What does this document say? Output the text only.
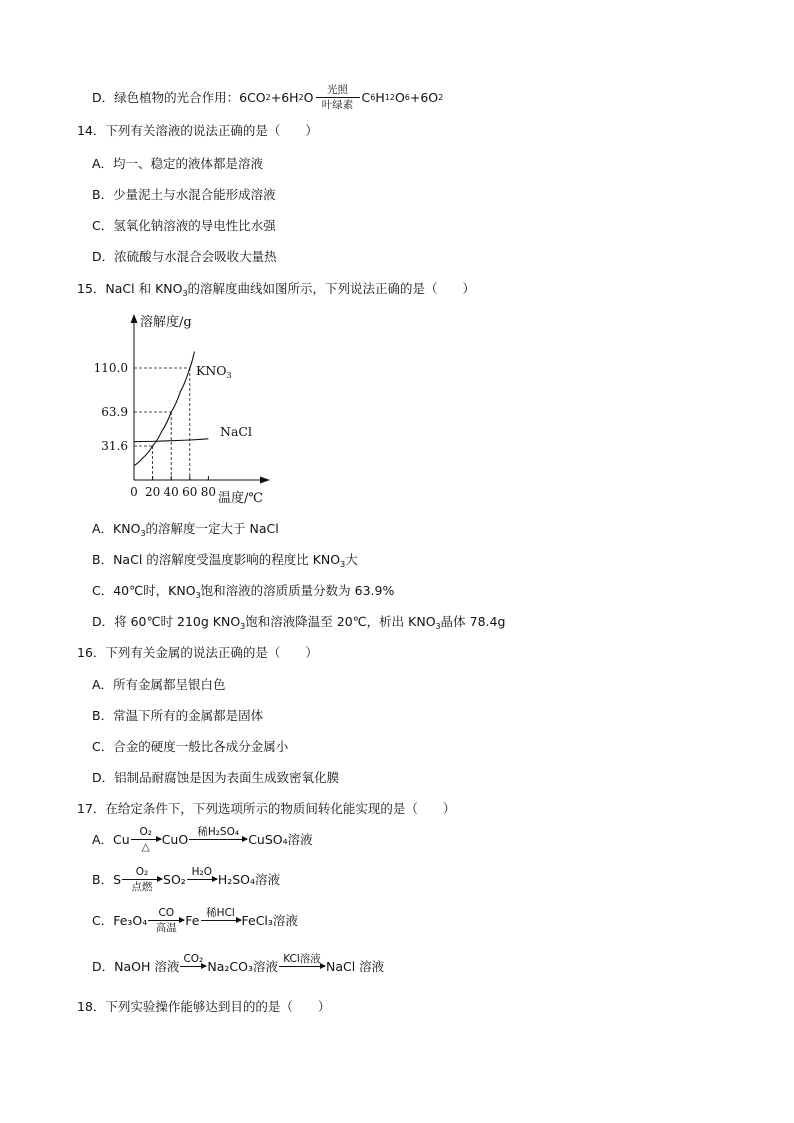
D．绿色植物的光合作用：6CO 2 +6H 2 O	光照
叶绿素
C 6 H 12 O 6 +6O 2
14．下列有关溶液的说法正确的是（　　）
A．均一、稳定的液体都是溶液
B．少量泥土与水混合能形成溶液
C．氢氧化钠溶液的导电性比水强
D．浓硫酸与水混合会吸收大量热
15．NaCl 和 $KNO_3$的溶解度曲线如图所示，下列说法正确的是（　　）
溶解度/g
温度/℃
0 20 40 60 80
31.6
63.9
110.0	$KNO_3$
NaCl
A．$KNO_3$的溶解度一定大于 NaCl
B．NaCl 的溶解度受温度影响的程度比 $KNO_3$大
C．40℃时，$KNO_3$饱和溶液的溶质质量分数为 63.9%
D．将 60℃时 210g $KNO_3$饱和溶液降温至 20℃，析出 $KNO_3$晶体 78.4g
16．下列有关金属的说法正确的是（　　）
A．所有金属都呈银白色
B．常温下所有的金属都是固体
C．合金的硬度一般比各成分金属小
D．铝制品耐腐蚀是因为表面生成致密氧化膜
17．在给定条件下，下列选项所示的物质间转化能实现的是（　　）
A．Cu O₂
△
CuO 稀H₂SO₄
CuSO₄溶液
B．S	O₂
点燃
SO₂ H₂O
H₂SO₄溶液
C．Fe₃O₄	CO
高温
Fe 稀HCl
FeCl₃溶液
D．NaOH 溶液 CO₂
Na₂CO₃溶液 KCl溶液
NaCl 溶液
18．下列实验操作能够达到目的的是（　　）
